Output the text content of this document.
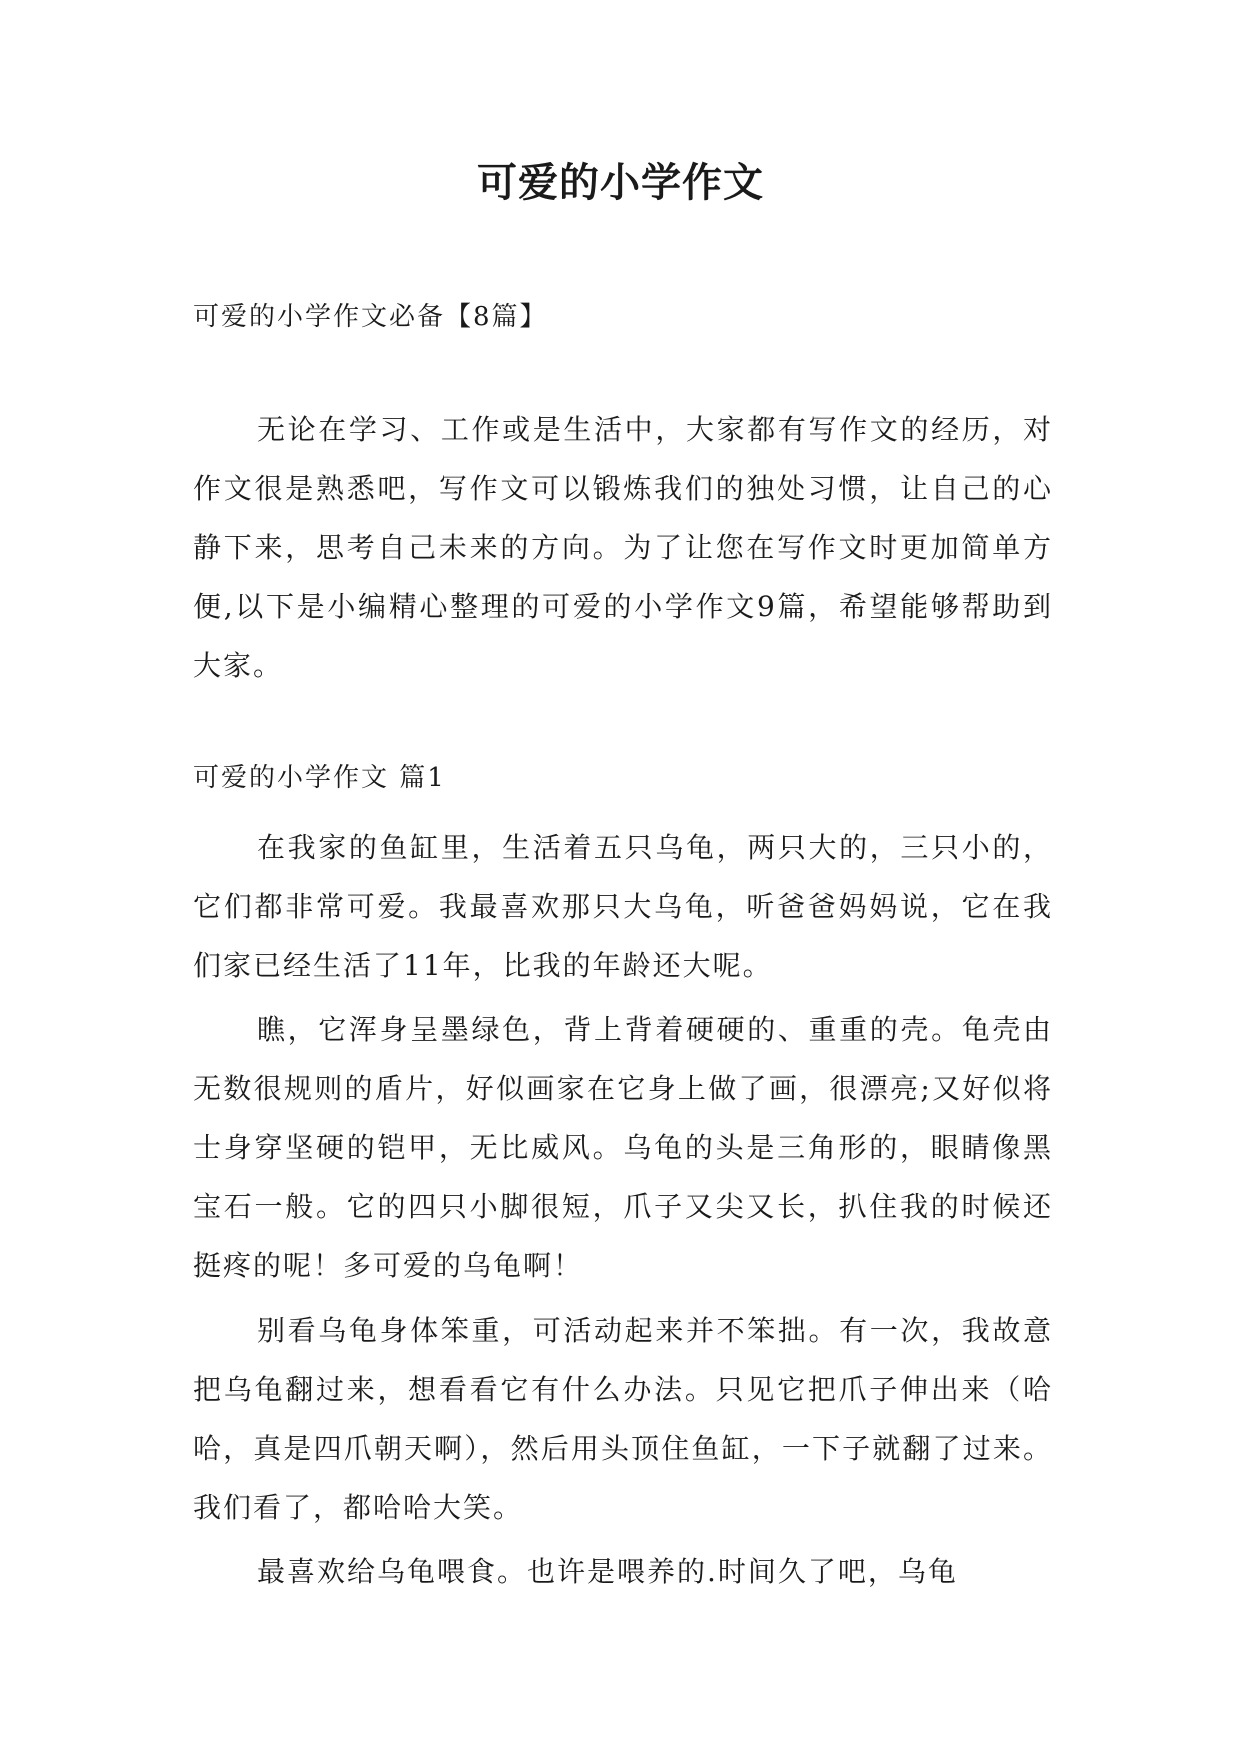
可爱的小学作文
可爱的小学作文必备【8篇】

无论在学习、工作或是生活中，大家都有写作文的经历，对作文很是熟悉吧，写作文可以锻炼我们的独处习惯，让自己的心静下来，思考自己未来的方向。为了让您在写作文时更加简单方便,以下是小编精心整理的可爱的小学作文9篇，希望能够帮助到大家。

可爱的小学作文 篇1

在我家的鱼缸里，生活着五只乌龟，两只大的，三只小的，它们都非常可爱。我最喜欢那只大乌龟，听爸爸妈妈说，它在我们家已经生活了11年，比我的年龄还大呢。

瞧，它浑身呈墨绿色，背上背着硬硬的、重重的壳。龟壳由无数很规则的盾片，好似画家在它身上做了画，很漂亮;又好似将士身穿坚硬的铠甲，无比威风。乌龟的头是三角形的，眼睛像黑宝石一般。它的四只小脚很短，爪子又尖又长，扒住我的时候还挺疼的呢！多可爱的乌龟啊！

别看乌龟身体笨重，可活动起来并不笨拙。有一次，我故意把乌龟翻过来，想看看它有什么办法。只见它把爪子伸出来（哈哈，真是四爪朝天啊），然后用头顶住鱼缸，一下子就翻了过来。我们看了，都哈哈大笑。

最喜欢给乌龟喂食。也许是喂养的.时间久了吧，乌龟
